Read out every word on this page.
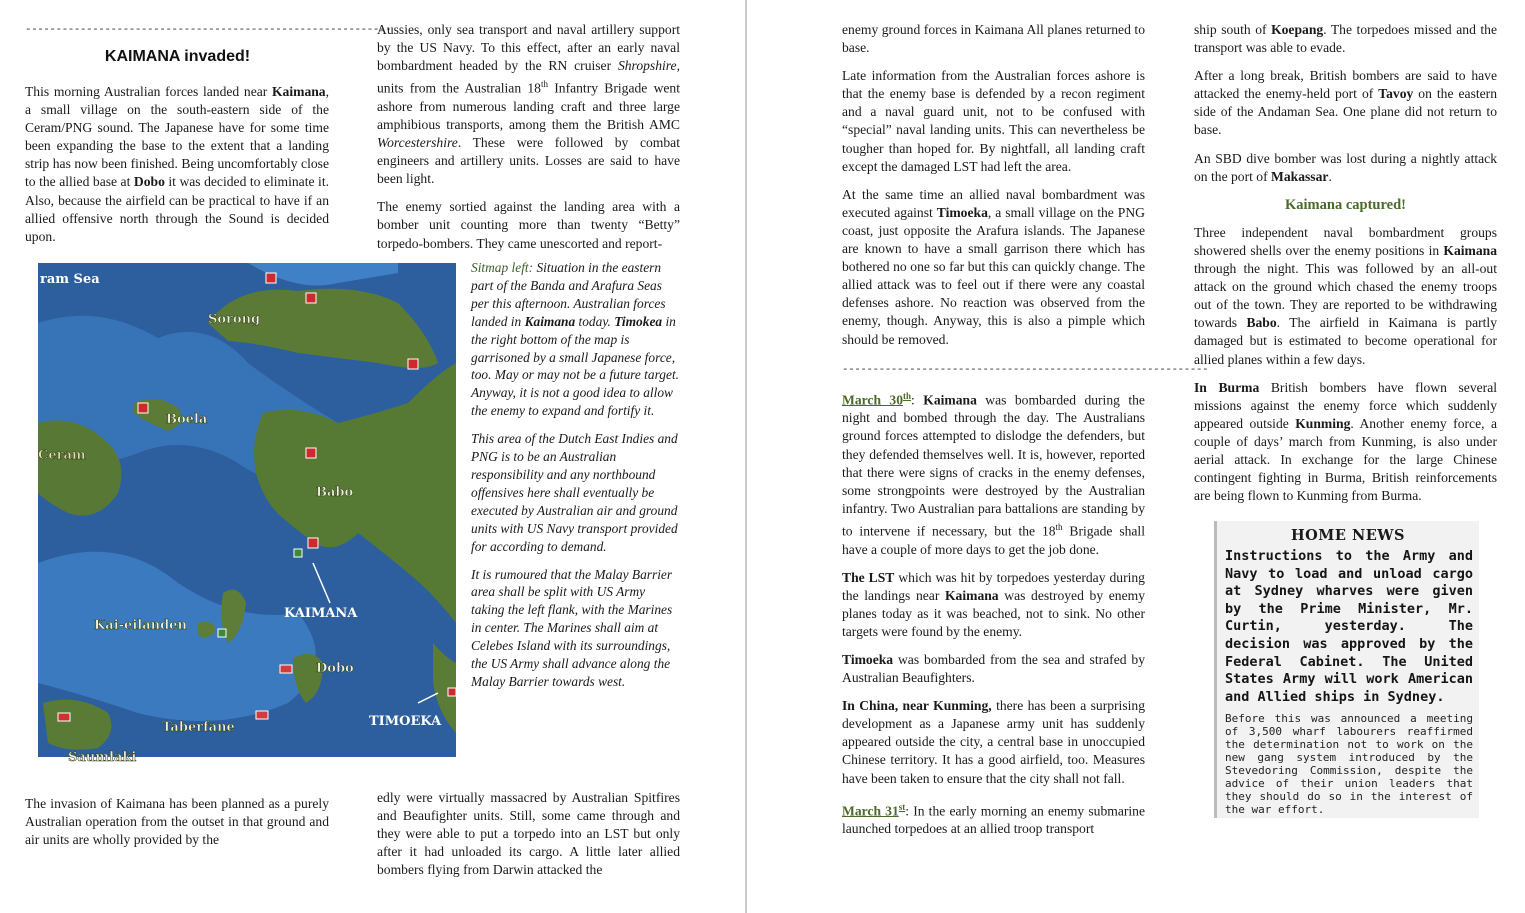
------------------------------------------------------------
KAIMANA invaded!

This morning Australian forces landed near Kaimana, a small village on the south-eastern side of the Ceram/PNG sound. The Japanese have for some time been expanding the base to the extent that a landing strip has now been finished. Being uncomfortably close to the allied base at Dobo it was decided to eliminate it. Also, because the airfield can be practical to have if an allied offensive north through the Sound is decided upon.

The invasion of Kaimana has been planned as a purely Australian operation from the outset in that ground and air units are wholly provided by the

Aussies, only sea transport and naval artillery support by the US Navy. To this effect, after an early naval bombardment headed by the RN cruiser Shropshire, units from the Australian 18th Infantry Brigade went ashore from numerous landing craft and three large amphibious transports, among them the British AMC Worcestershire. These were followed by combat engineers and artillery units. Losses are said to have been light.

The enemy sortied against the landing area with a bomber unit counting more than twenty “Betty” torpedo-bombers. They came unescorted and report-

edly were virtually massacred by Australian Spitfires and Beaufighter units. Still, some came through and they were able to put a torpedo into an LST but only after it had unloaded its cargo. A little later allied bombers flying from Darwin attacked the

ram Sea
Sorong
Boela
Ceram
Babo
KAIMANA
Kai-eilanden
Dobo
Taberfane	TIMOEKA
Saumlaki

Sitmap left: Situation in the eastern part of the Banda and Arafura Seas per this afternoon. Australian forces landed in Kaimana today. Timokea in the right bottom of the map is garrisoned by a small Japanese force, too. May or may not be a future target. Anyway, it is not a good idea to allow the enemy to expand and fortify it.

This area of the Dutch East Indies and PNG is to be an Australian responsibility and any northbound offensives here shall eventually be executed by Australian air and ground units with US Navy transport provided for according to demand.

It is rumoured that the Malay Barrier area shall be split with US Army taking the left flank, with the Marines in center. The Marines shall aim at Celebes Island with its surroundings, the US Army shall advance along the Malay Barrier towards west.

enemy ground forces in Kaimana All planes returned to base.

Late information from the Australian forces ashore is that the enemy base is defended by a recon regiment and a naval guard unit, not to be confused with “special” naval landing units. This can nevertheless be tougher than hoped for. By nightfall, all landing craft except the damaged LST had left the area.

At the same time an allied naval bombardment was executed against Timoeka, a small village on the PNG coast, just opposite the Arafura islands. The Japanese are known to have a small garrison there which has bothered no one so far but this can quickly change. The allied attack was to feel out if there were any coastal defenses ashore. No reaction was observed from the enemy, though. Anyway, this is also a pimple which should be removed.

------------------------------------------------------------

March 30th: Kaimana was bombarded during the night and bombed through the day. The Australians ground forces attempted to dislodge the defenders, but they defended themselves well. It is, however, reported that there were signs of cracks in the enemy defenses, some strongpoints were destroyed by the Australian infantry. Two Australian para battalions are standing by to intervene if necessary, but the 18th Brigade shall have a couple of more days to get the job done.

The LST which was hit by torpedoes yesterday during the landings near Kaimana was destroyed by enemy planes today as it was beached, not to sink. No other targets were found by the enemy.

Timoeka was bombarded from the sea and strafed by Australian Beaufighters.

In China, near Kunming, there has been a surprising development as a Japanese army unit has suddenly appeared outside the city, a central base in unoccupied Chinese territory. It has a good airfield, too. Measures have been taken to ensure that the city shall not fall.

March 31st: In the early morning an enemy submarine launched torpedoes at an allied troop transport

ship south of Koepang. The torpedoes missed and the transport was able to evade.

After a long break, British bombers are said to have attacked the enemy-held port of Tavoy on the eastern side of the Andaman Sea. One plane did not return to base.

An SBD dive bomber was lost during a nightly attack on the port of Makassar.

Kaimana captured!

Three independent naval bombardment groups showered shells over the enemy positions in Kaimana through the night. This was followed by an all-out attack on the ground which chased the enemy troops out of the town. They are reported to be withdrawing towards Babo. The airfield in Kaimana is partly damaged but is estimated to become operational for allied planes within a few days.

In Burma British bombers have flown several missions against the enemy force which suddenly appeared outside Kunming. Another enemy force, a couple of days’ march from Kunming, is also under aerial attack. In exchange for the large Chinese contingent fighting in Burma, British reinforcements are being flown to Kunming from Burma.

HOME NEWS
Instructions to the Army and Navy to load and unload cargo at Sydney wharves were given by the Prime Minister, Mr. Curtin, yesterday. The decision was approved by the Federal Cabinet. The United States Army will work American and Allied ships in Sydney.
Before this was announced a meeting of 3,500 wharf labourers reaffirmed the determination not to work on the new gang system introduced by the Stevedoring Commission, despite the advice of their union leaders that they should do so in the interest of the war effort.
